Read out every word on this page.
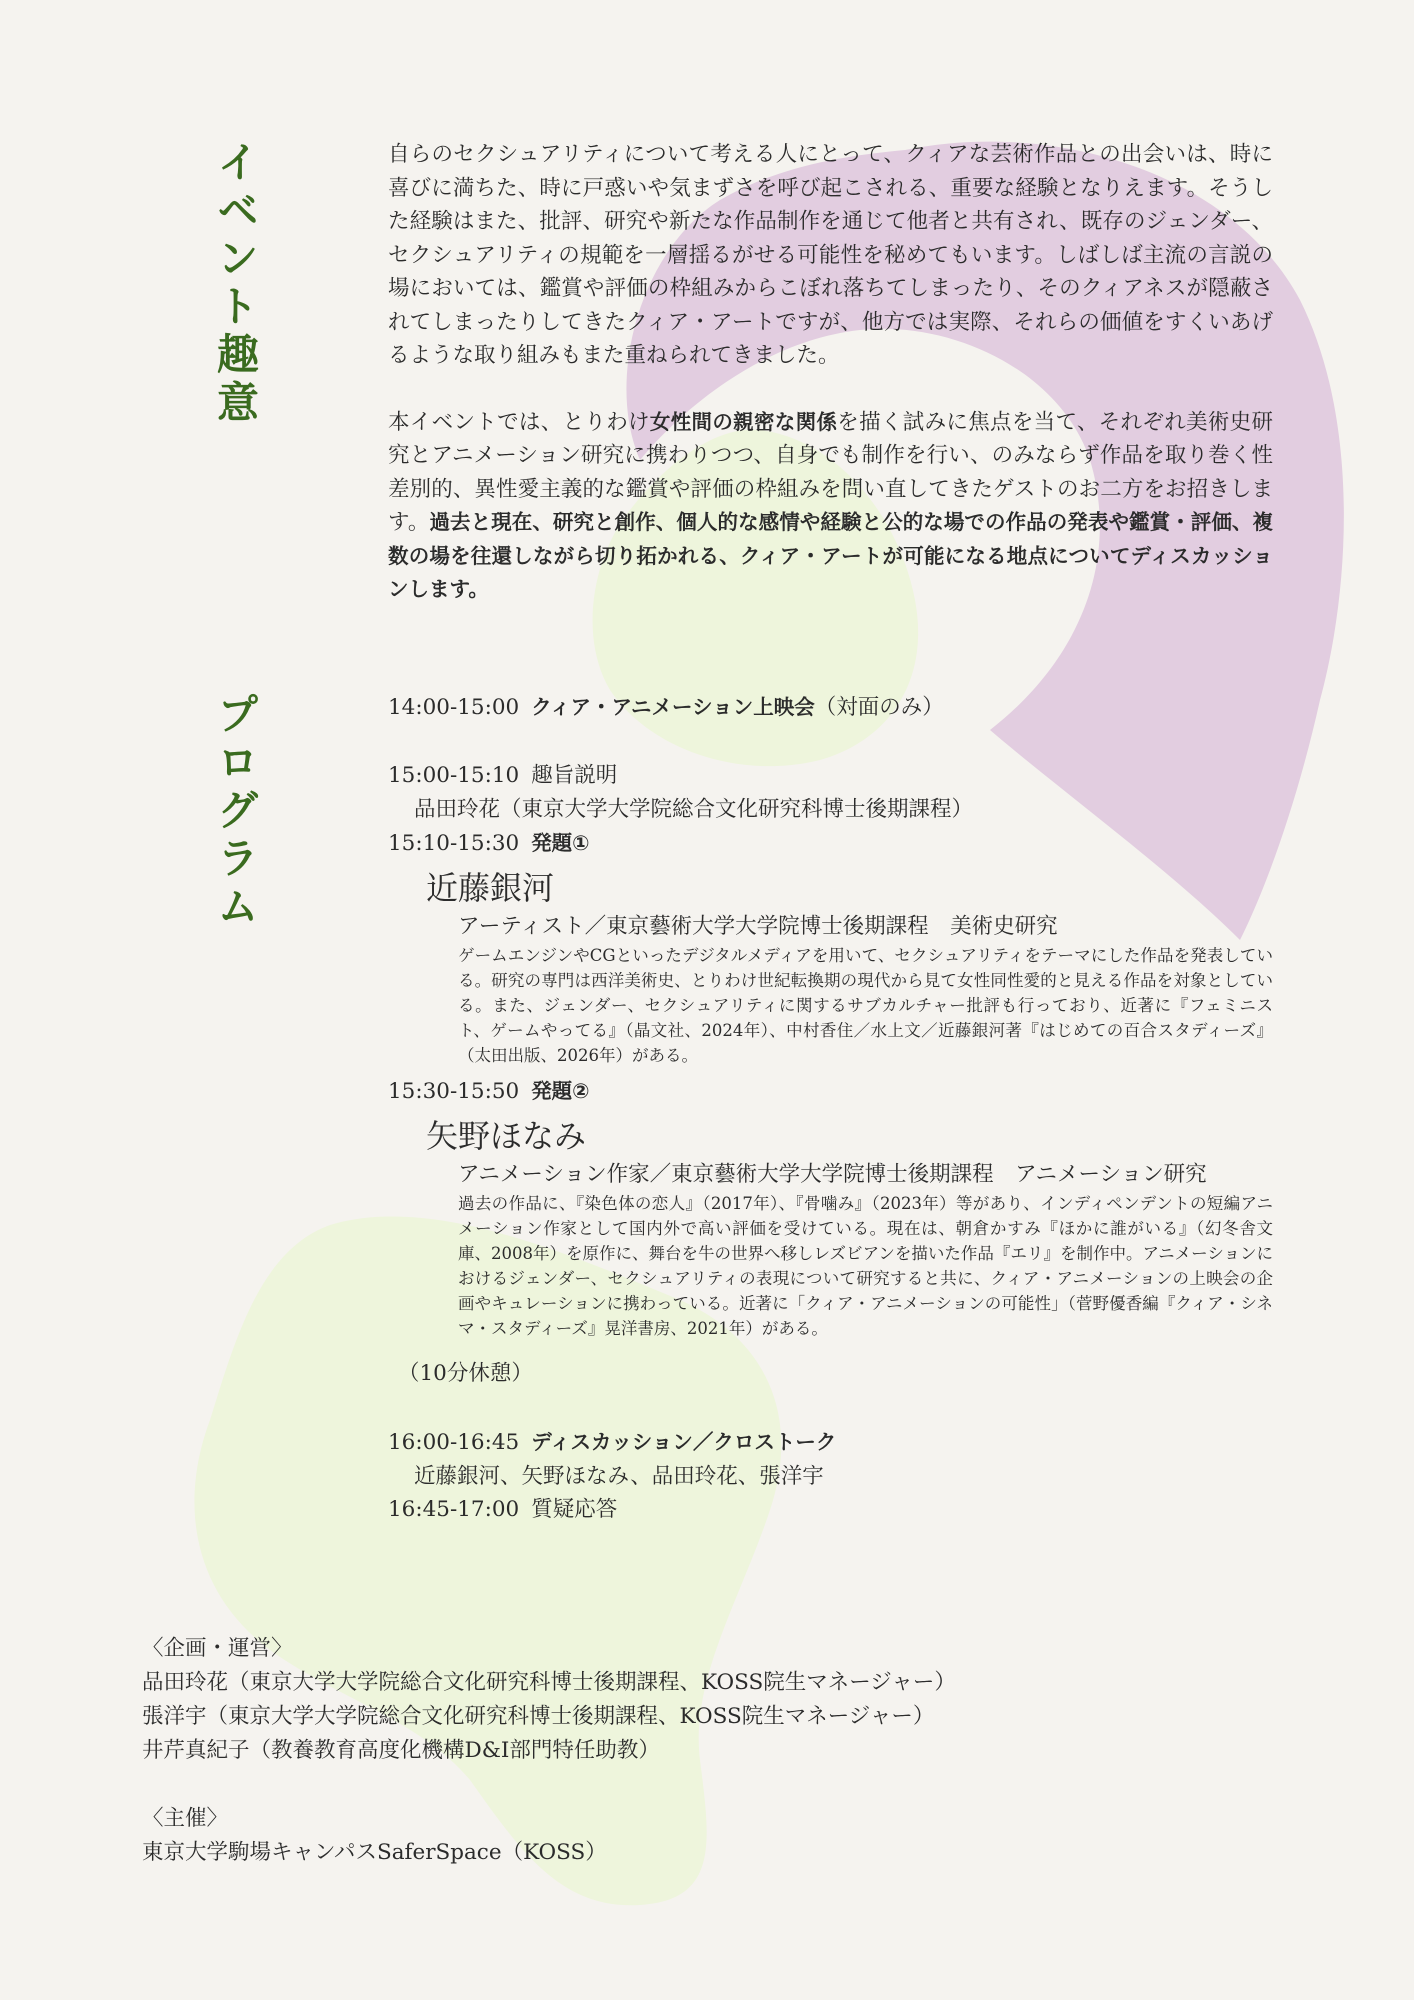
イベント趣意
プログラム

自らのセクシュアリティについて考える人にとって、クィアな芸術作品との出会いは、時に喜びに満ちた、時に戸惑いや気まずさを呼び起こされる、重要な経験となりえます。そうした経験はまた、批評、研究や新たな作品制作を通じて他者と共有され、既存のジェンダー、セクシュアリティの規範を一層揺るがせる可能性を秘めてもいます。しばしば主流の言説の場においては、鑑賞や評価の枠組みからこぼれ落ちてしまったり、そのクィアネスが隠蔽されてしまったりしてきたクィア・アートですが、他方では実際、それらの価値をすくいあげるような取り組みもまた重ねられてきました。

本イベントでは、とりわけ女性間の親密な関係を描く試みに焦点を当て、それぞれ美術史研究とアニメーション研究に携わりつつ、自身でも制作を行い、のみならず作品を取り巻く性差別的、異性愛主義的な鑑賞や評価の枠組みを問い直してきたゲストのお二方をお招きします。過去と現在、研究と創作、個人的な感情や経験と公的な場での作品の発表や鑑賞・評価、複数の場を往還しながら切り拓かれる、クィア・アートが可能になる地点についてディスカッションします。

14:00-15:00 クィア・アニメーション上映会（対面のみ）
15:00-15:10 趣旨説明
品田玲花（東京大学大学院総合文化研究科博士後期課程）
15:10-15:30 発題①
近藤銀河
アーティスト／東京藝術大学大学院博士後期課程　美術史研究
ゲームエンジンやCGといったデジタルメディアを用いて、セクシュアリティをテーマにした作品を発表している。研究の専門は西洋美術史、とりわけ世紀転換期の現代から見て女性同性愛的と見える作品を対象としている。また、ジェンダー、セクシュアリティに関するサブカルチャー批評も行っており、近著に『フェミニスト、ゲームやってる』（晶文社、2024年）、中村香住／水上文／近藤銀河著『はじめての百合スタディーズ』（太田出版、2026年）がある。
15:30-15:50 発題②
矢野ほなみ
アニメーション作家／東京藝術大学大学院博士後期課程　アニメーション研究
過去の作品に、『染色体の恋人』（2017年）、『骨噛み』（2023年）等があり、インディペンデントの短編アニメーション作家として国内外で高い評価を受けている。現在は、朝倉かすみ『ほかに誰がいる』（幻冬舎文庫、2008年）を原作に、舞台を牛の世界へ移しレズビアンを描いた作品『エリ』を制作中。アニメーションにおけるジェンダー、セクシュアリティの表現について研究すると共に、クィア・アニメーションの上映会の企画やキュレーションに携わっている。近著に「クィア・アニメーションの可能性」（菅野優香編『クィア・シネマ・スタディーズ』晃洋書房、2021年）がある。
（10分休憩）
16:00-16:45 ディスカッション／クロストーク
近藤銀河、矢野ほなみ、品田玲花、張洋宇
16:45-17:00 質疑応答
〈企画・運営〉
品田玲花（東京大学大学院総合文化研究科博士後期課程、KOSS院生マネージャー）
張洋宇（東京大学大学院総合文化研究科博士後期課程、KOSS院生マネージャー）
井芹真紀子（教養教育高度化機構D&I部門特任助教）
〈主催〉
東京大学駒場キャンパスSaferSpace（KOSS）
